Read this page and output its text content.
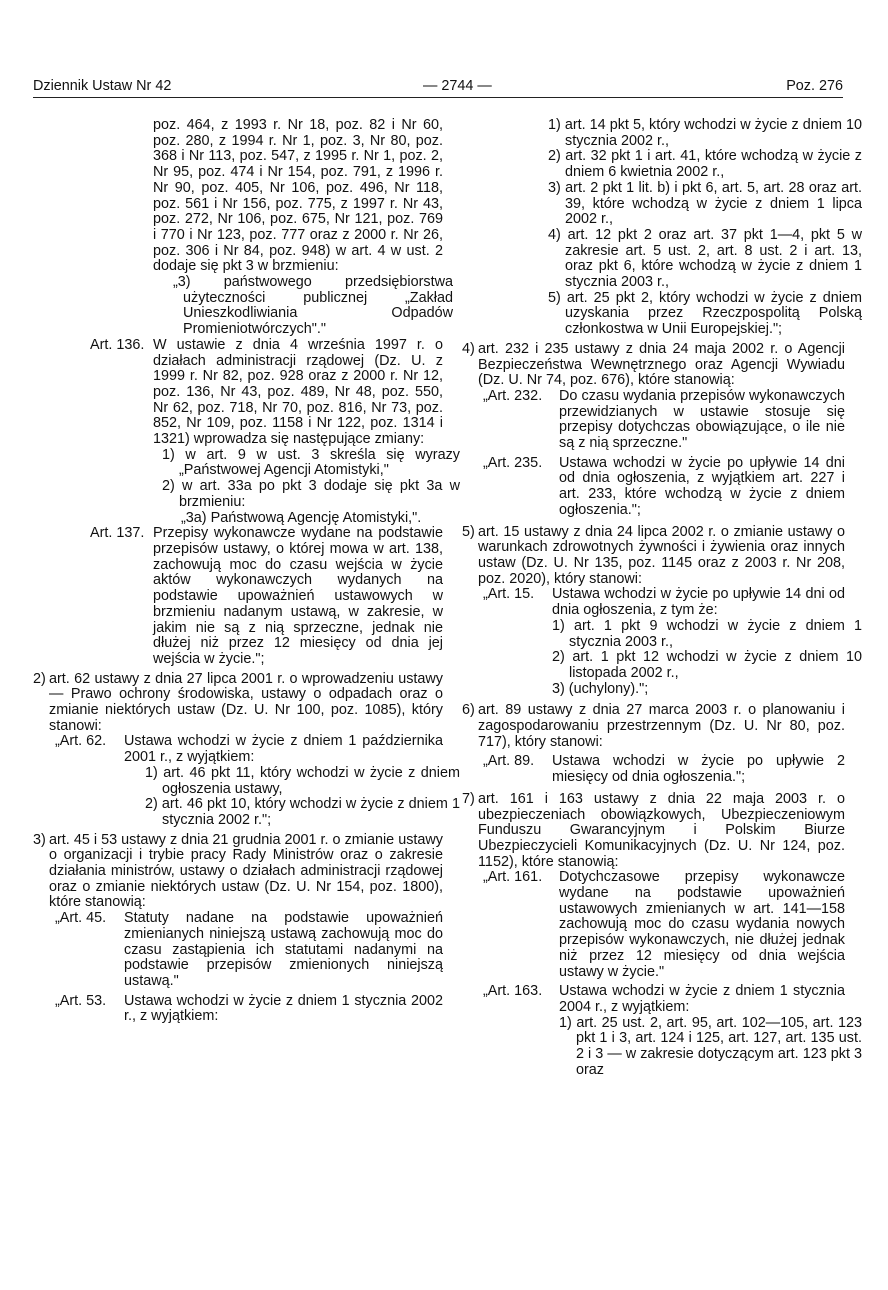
Dziennik Ustaw Nr 42	— 2744 —	Poz. 276

poz. 464, z 1993 r. Nr 18, poz. 82 i Nr 60, poz. 280, z 1994 r. Nr 1, poz. 3, Nr 80, poz. 368 i Nr 113, poz. 547, z 1995 r. Nr 1, poz. 2, Nr 95, poz. 474 i Nr 154, poz. 791, z 1996 r. Nr 90, poz. 405, Nr 106, poz. 496, Nr 118, poz. 561 i Nr 156, poz. 775, z 1997 r. Nr 43, poz. 272, Nr 106, poz. 675, Nr 121, poz. 769 i 770 i Nr 123, poz. 777 oraz z 2000 r. Nr 26, poz. 306 i Nr 84, poz. 948) w art. 4 w ust. 2 dodaje się pkt 3 w brzmieniu:

„3) państwowego przedsiębiorstwa użyteczności publicznej „Zakład Unieszkodliwiania Odpadów Promieniotwórczych"."

Art. 136. W ustawie z dnia 4 września 1997 r. o działach administracji rządowej (Dz. U. z 1999 r. Nr 82, poz. 928 oraz z 2000 r. Nr 12, poz. 136, Nr 43, poz. 489, Nr 48, poz. 550, Nr 62, poz. 718, Nr 70, poz. 816, Nr 73, poz. 852, Nr 109, poz. 1158 i Nr 122, poz. 1314 i 1321) wprowadza się następujące zmiany:

1) w art. 9 w ust. 3 skreśla się wyrazy „Państwowej Agencji Atomistyki,"

2) w art. 33a po pkt 3 dodaje się pkt 3a w brzmieniu:

„3a) Państwową Agencję Atomistyki,".

Art. 137. Przepisy wykonawcze wydane na podstawie przepisów ustawy, o której mowa w art. 138, zachowują moc do czasu wejścia w życie aktów wykonawczych wydanych na podstawie upoważnień ustawowych w brzmieniu nadanym ustawą, w zakresie, w jakim nie są z nią sprzeczne, jednak nie dłużej niż przez 12 miesięcy od dnia jej wejścia w życie.";

2) art. 62 ustawy z dnia 27 lipca 2001 r. o wprowadzeniu ustawy — Prawo ochrony środowiska, ustawy o odpadach oraz o zmianie niektórych ustaw (Dz. U. Nr 100, poz. 1085), który stanowi:

„Art. 62. Ustawa wchodzi w życie z dniem 1 października 2001 r., z wyjątkiem:

1) art. 46 pkt 11, który wchodzi w życie z dniem ogłoszenia ustawy,

2) art. 46 pkt 10, który wchodzi w życie z dniem 1 stycznia 2002 r.";

3) art. 45 i 53 ustawy z dnia 21 grudnia 2001 r. o zmianie ustawy o organizacji i trybie pracy Rady Ministrów oraz o zakresie działania ministrów, ustawy o działach administracji rządowej oraz o zmianie niektórych ustaw (Dz. U. Nr 154, poz. 1800), które stanowią:

„Art. 45. Statuty nadane na podstawie upoważnień zmienianych niniejszą ustawą zachowują moc do czasu zastąpienia ich statutami nadanymi na podstawie przepisów zmienionych niniejszą ustawą."

„Art. 53. Ustawa wchodzi w życie z dniem 1 stycznia 2002 r., z wyjątkiem:

1) art. 14 pkt 5, który wchodzi w życie z dniem 10 stycznia 2002 r.,

2) art. 32 pkt 1 i art. 41, które wchodzą w życie z dniem 6 kwietnia 2002 r.,

3) art. 2 pkt 1 lit. b) i pkt 6, art. 5, art. 28 oraz art. 39, które wchodzą w życie z dniem 1 lipca 2002 r.,

4) art. 12 pkt 2 oraz art. 37 pkt 1—4, pkt 5 w zakresie art. 5 ust. 2, art. 8 ust. 2 i art. 13, oraz pkt 6, które wchodzą w życie z dniem 1 stycznia 2003 r.,

5) art. 25 pkt 2, który wchodzi w życie z dniem uzyskania przez Rzeczpospolitą Polską członkostwa w Unii Europejskiej.";

4) art. 232 i 235 ustawy z dnia 24 maja 2002 r. o Agencji Bezpieczeństwa Wewnętrznego oraz Agencji Wywiadu (Dz. U. Nr 74, poz. 676), które stanowią:

„Art. 232. Do czasu wydania przepisów wykonawczych przewidzianych w ustawie stosuje się przepisy dotychczas obowiązujące, o ile nie są z nią sprzeczne."

„Art. 235. Ustawa wchodzi w życie po upływie 14 dni od dnia ogłoszenia, z wyjątkiem art. 227 i art. 233, które wchodzą w życie z dniem ogłoszenia.";

5) art. 15 ustawy z dnia 24 lipca 2002 r. o zmianie ustawy o warunkach zdrowotnych żywności i żywienia oraz innych ustaw (Dz. U. Nr 135, poz. 1145 oraz z 2003 r. Nr 208, poz. 2020), który stanowi:

„Art. 15. Ustawa wchodzi w życie po upływie 14 dni od dnia ogłoszenia, z tym że:

1) art. 1 pkt 9 wchodzi w życie z dniem 1 stycznia 2003 r.,

2) art. 1 pkt 12 wchodzi w życie z dniem 10 listopada 2002 r.,

3) (uchylony).";

6) art. 89 ustawy z dnia 27 marca 2003 r. o planowaniu i zagospodarowaniu przestrzennym (Dz. U. Nr 80, poz. 717), który stanowi:

„Art. 89. Ustawa wchodzi w życie po upływie 2 miesięcy od dnia ogłoszenia.";

7) art. 161 i 163 ustawy z dnia 22 maja 2003 r. o ubezpieczeniach obowiązkowych, Ubezpieczeniowym Funduszu Gwarancyjnym i Polskim Biurze Ubezpieczycieli Komunikacyjnych (Dz. U. Nr 124, poz. 1152), które stanowią:

„Art. 161. Dotychczasowe przepisy wykonawcze wydane na podstawie upoważnień ustawowych zmienianych w art. 141—158 zachowują moc do czasu wydania nowych przepisów wykonawczych, nie dłużej jednak niż przez 12 miesięcy od dnia wejścia ustawy w życie."

„Art. 163. Ustawa wchodzi w życie z dniem 1 stycznia 2004 r., z wyjątkiem:

1) art. 25 ust. 2, art. 95, art. 102—105, art. 123 pkt 1 i 3, art. 124 i 125, art. 127, art. 135 ust. 2 i 3 — w zakresie dotyczącym art. 123 pkt 3 oraz
